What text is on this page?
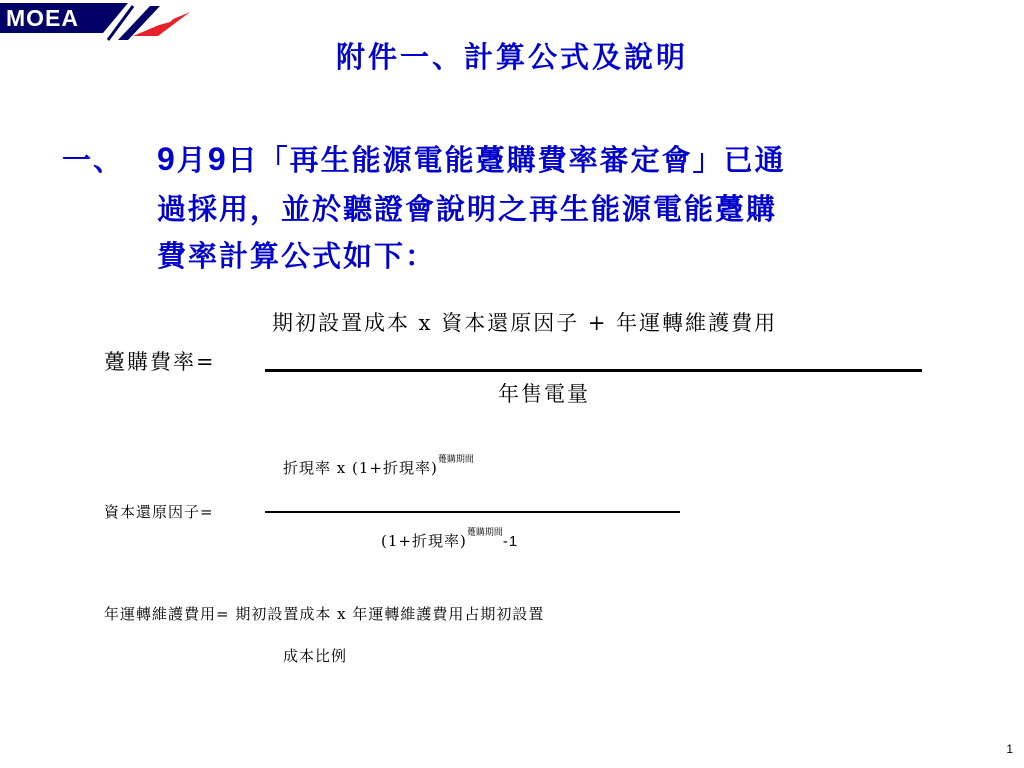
MOEA
附件一、計算公式及說明
一、 9月9日「再生能源電能躉購費率審定會」已通
過採用，並於聽證會說明之再生能源電能躉購
費率計算公式如下：
期初設置成本 x 資本還原因子 + 年運轉維護費用
躉購費率=
年售電量
折現率 x (1+折現率)$^{躉購期間}$
資本還原因子=
(1+折現率)$^{躉購期間}$-1
年運轉維護費用= 期初設置成本 x 年運轉維護費用占期初設置
成本比例
1
